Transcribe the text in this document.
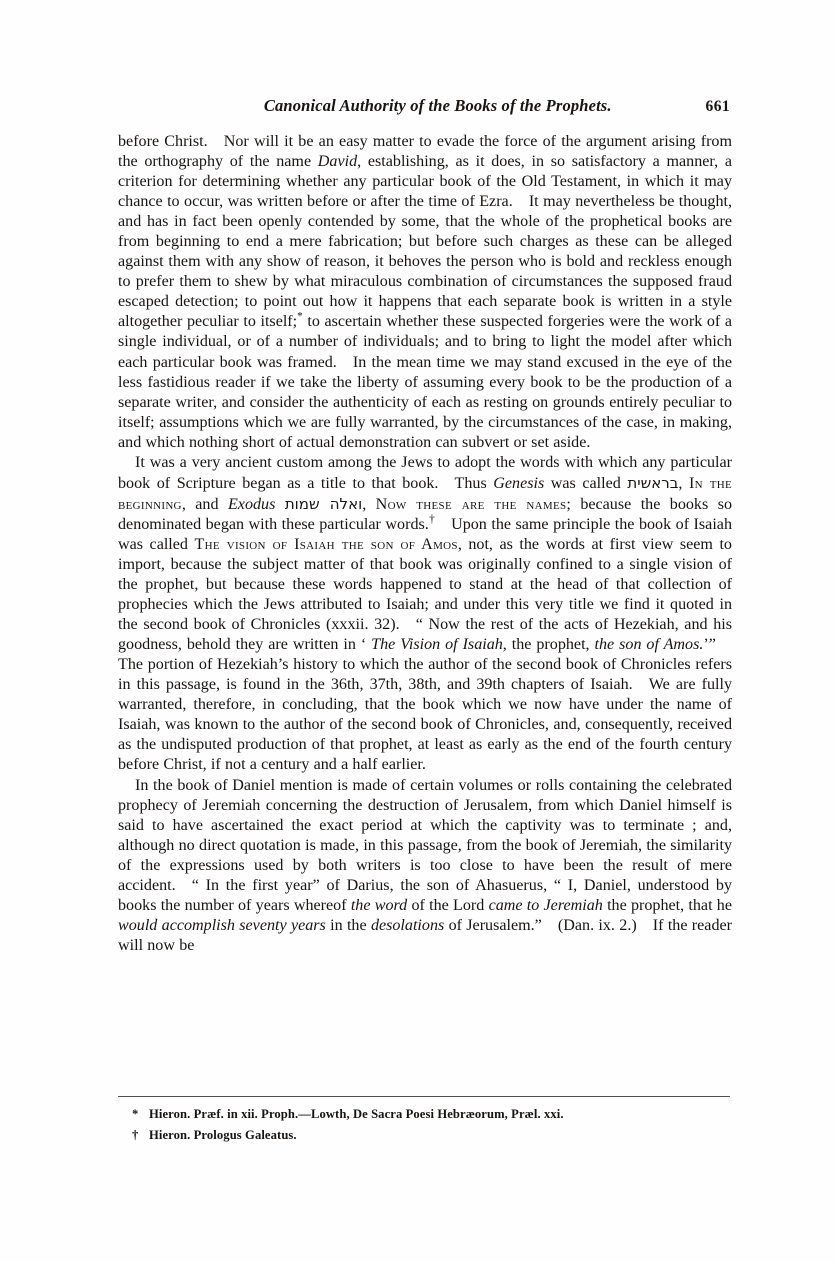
Canonical Authority of the Books of the Prophets.	661

before Christ. Nor will it be an easy matter to evade the force of the argument arising from the orthography of the name David, establishing, as it does, in so satisfactory a manner, a criterion for determining whether any particular book of the Old Testament, in which it may chance to occur, was written before or after the time of Ezra. It may nevertheless be thought, and has in fact been openly contended by some, that the whole of the prophetical books are from beginning to end a mere fabrication; but before such charges as these can be alleged against them with any show of reason, it behoves the person who is bold and reckless enough to prefer them to shew by what miraculous combination of circumstances the supposed fraud escaped detection; to point out how it happens that each separate book is written in a style altogether peculiar to itself;* to ascertain whether these suspected forgeries were the work of a single individual, or of a number of individuals; and to bring to light the model after which each particular book was framed. In the mean time we may stand excused in the eye of the less fastidious reader if we take the liberty of assuming every book to be the production of a separate writer, and consider the authenticity of each as resting on grounds entirely peculiar to itself; assumptions which we are fully warranted, by the circumstances of the case, in making, and which nothing short of actual demonstration can subvert or set aside.

It was a very ancient custom among the Jews to adopt the words with which any particular book of Scripture began as a title to that book. Thus Genesis was called בראשית, In the beginning, and Exodus ואלה שמות, Now these are the names; because the books so denominated began with these particular words.† Upon the same principle the book of Isaiah was called The vision of Isaiah the son of Amos, not, as the words at first view seem to import, because the subject matter of that book was originally confined to a single vision of the prophet, but because these words happened to stand at the head of that collection of prophecies which the Jews attributed to Isaiah; and under this very title we find it quoted in the second book of Chronicles (xxxii. 32). “ Now the rest of the acts of Hezekiah, and his goodness, behold they are written in ‘ The Vision of Isaiah, the prophet, the son of Amos.’” The portion of Hezekiah’s history to which the author of the second book of Chronicles refers in this passage, is found in the 36th, 37th, 38th, and 39th chapters of Isaiah. We are fully warranted, therefore, in concluding, that the book which we now have under the name of Isaiah, was known to the author of the second book of Chronicles, and, consequently, received as the undisputed production of that prophet, at least as early as the end of the fourth century before Christ, if not a century and a half earlier.

In the book of Daniel mention is made of certain volumes or rolls containing the celebrated prophecy of Jeremiah concerning the destruction of Jerusalem, from which Daniel himself is said to have ascertained the exact period at which the captivity was to terminate ; and, although no direct quotation is made, in this passage, from the book of Jeremiah, the similarity of the expressions used by both writers is too close to have been the result of mere accident. “ In the first year” of Darius, the son of Ahasuerus, “ I, Daniel, understood by books the number of years whereof the word of the Lord came to Jeremiah the prophet, that he would accomplish seventy years in the desolations of Jerusalem.” (Dan. ix. 2.) If the reader will now be

* Hieron. Præf. in xii. Proph.—Lowth, De Sacra Poesi Hebræorum, Præl. xxi.

† Hieron. Prologus Galeatus.
